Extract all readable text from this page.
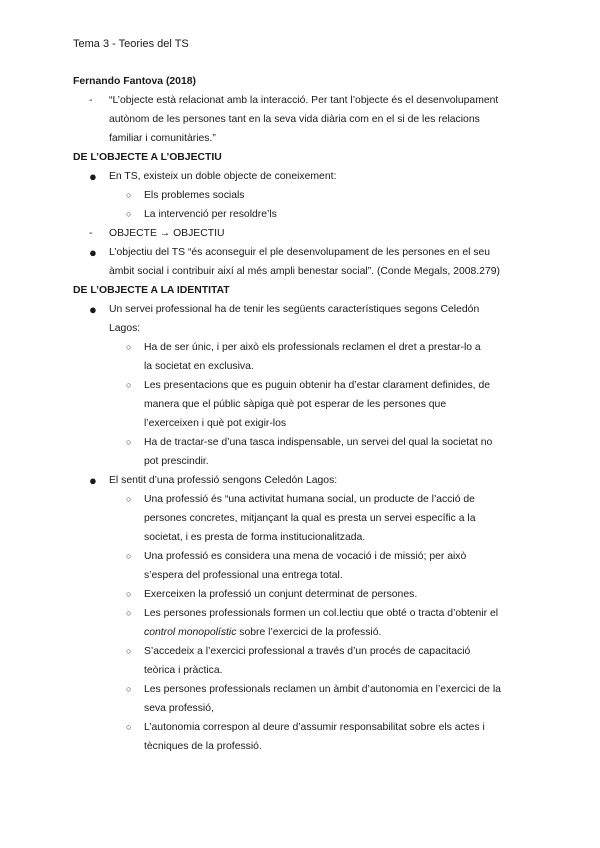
Tema 3 - Teories del TS
Fernando Fantova (2018)
- “L’objecte està relacionat amb la interacció. Per tant l’objecte és el desenvolupament
autònom de les persones tant en la seva vida diària com en el si de les relacions
familiar i comunitàries.”
DE L’OBJECTE A L’OBJECTIU
● En TS, existeix un doble objecte de coneixement:
○ Els problemes socials
○ La intervenció per resoldre’ls
- OBJECTE → OBJECTIU
● L’objectiu del TS “és aconseguir el ple desenvolupament de les persones en el seu
àmbit social i contribuir així al més ampli benestar social”. (Conde Megals, 2008.279)
DE L’OBJECTE A LA IDENTITAT
● Un servei professional ha de tenir les següents característiques segons Celedón
Lagos:
○ Ha de ser únic, i per això els professionals reclamen el dret a prestar-lo a
la societat en exclusiva.
○ Les presentacions que es puguin obtenir ha d’estar clarament definides, de
manera que el públic sàpiga què pot esperar de les persones que
l’exerceixen i què pot exigir-los
○ Ha de tractar-se d’una tasca indispensable, un servei del qual la societat no
pot prescindir.
● El sentit d’una professió sengons Celedón Lagos:
○ Una professió és “una activitat humana social, un producte de l’acció de
persones concretes, mitjançant la qual es presta un servei específic a la
societat, i es presta de forma institucionalitzada.
○ Una professió es considera una mena de vocació i de missió; per això
s’espera del professional una entrega total.
○ Exerceixen la professió un conjunt determinat de persones.
○ Les persones professionals formen un col.lectiu que obté o tracta d’obtenir el
control monopolístic sobre l’exercici de la professió.
○ S’accedeix a l’exercici professional a través d’un procés de capacitació
teòrica i pràctica.
○ Les persones professionals reclamen un àmbit d’autonomia en l’exercici de la
seva professió,
○ L’autonomia correspon al deure d’assumir responsabilitat sobre els actes i
tècniques de la professió.
